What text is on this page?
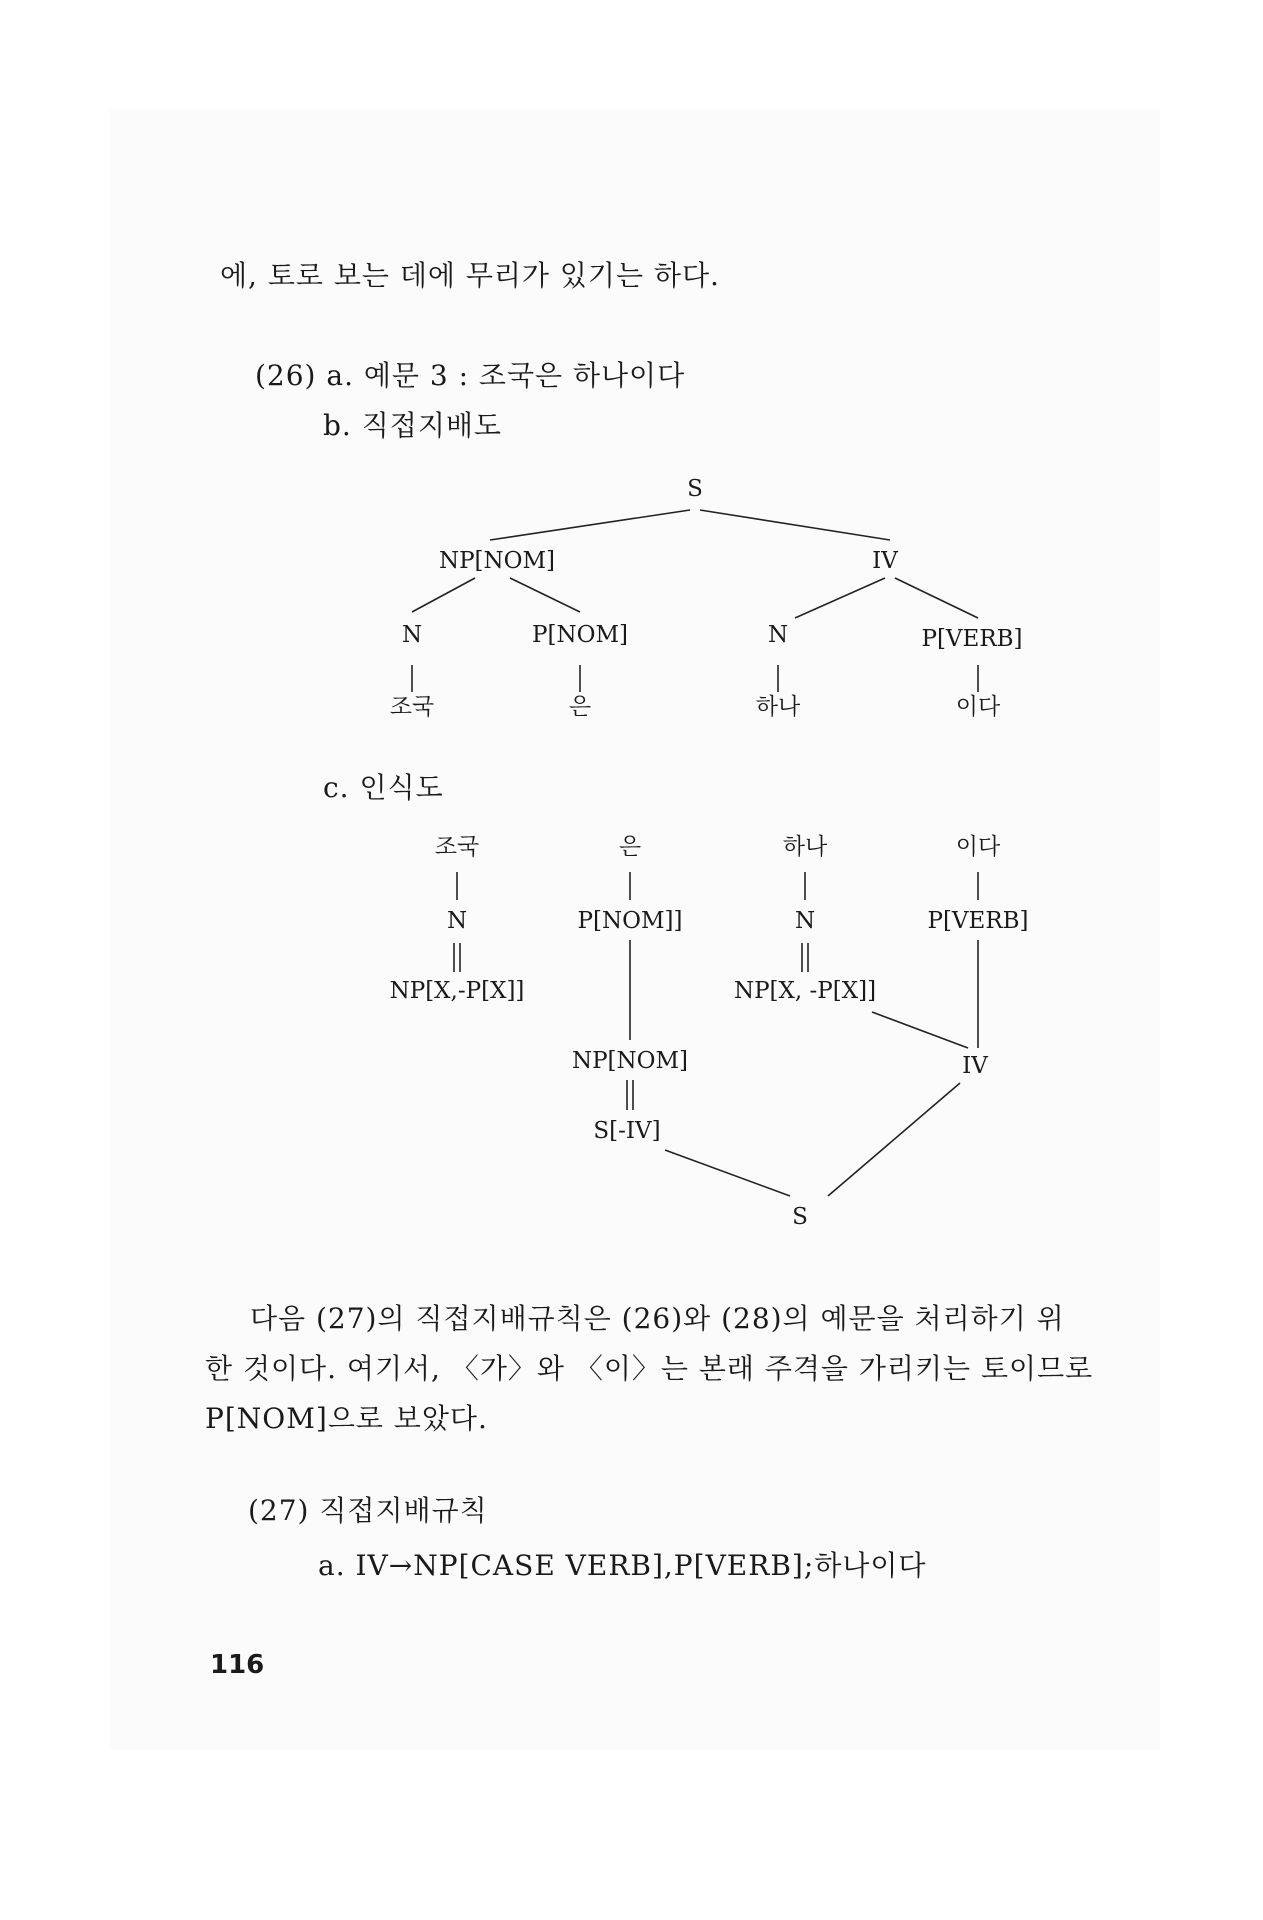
에, 토로 보는 데에 무리가 있기는 하다.
(26) a. 예문 3 : 조국은 하나이다
b. 직접지배도
S
NP[NOM]	IV
N	P[NOM]	N	P[VERB]
조국	은	하나	이다
c. 인식도
조국	은	하나	이다
N	P[NOM]]	N	P[VERB]
NP[X,-P[X]]	NP[X, -P[X]]
NP[NOM]	IV
S[-IV]
S
다음 (27)의 직접지배규칙은 (26)와 (28)의 예문을 처리하기 위
한 것이다. 여기서, 〈가〉와 〈이〉는 본래 주격을 가리키는 토이므로
P[NOM]으로 보았다.
(27) 직접지배규칙
a. IV→NP[CASE VERB],P[VERB];하나이다
116
